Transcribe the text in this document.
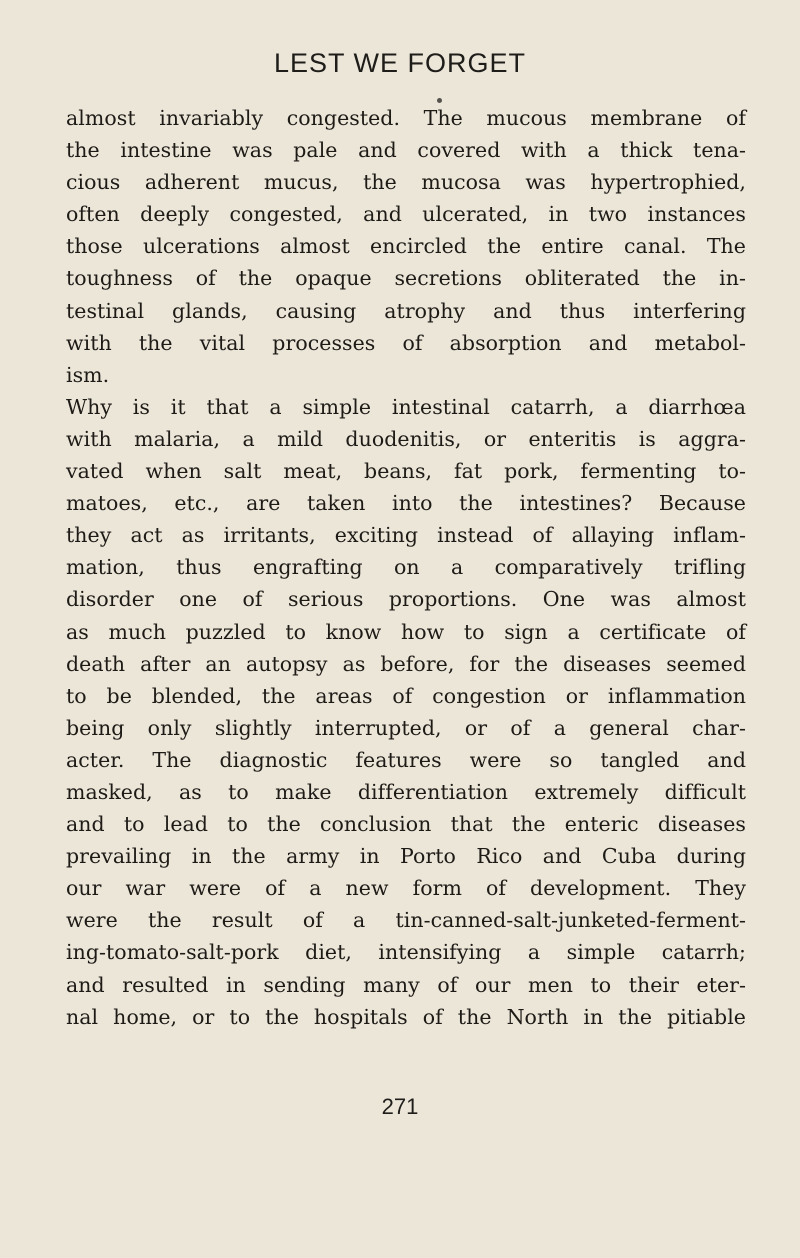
LEST WE FORGET
almost invariably congested. The mucous membrane of
the intestine was pale and covered with a thick tena-
cious adherent mucus, the mucosa was hypertrophied,
often deeply congested, and ulcerated, in two instances
those ulcerations almost encircled the entire canal. The
toughness of the opaque secretions obliterated the in-
testinal glands, causing atrophy and thus interfering
with the vital processes of absorption and metabol-
ism.
Why is it that a simple intestinal catarrh, a diarrhœa
with malaria, a mild duodenitis, or enteritis is aggra-
vated when salt meat, beans, fat pork, fermenting to-
matoes, etc., are taken into the intestines? Because
they act as irritants, exciting instead of allaying inflam-
mation, thus engrafting on a comparatively trifling
disorder one of serious proportions. One was almost
as much puzzled to know how to sign a certificate of
death after an autopsy as before, for the diseases seemed
to be blended, the areas of congestion or inflammation
being only slightly interrupted, or of a general char-
acter. The diagnostic features were so tangled and
masked, as to make differentiation extremely difficult
and to lead to the conclusion that the enteric diseases
prevailing in the army in Porto Rico and Cuba during
our war were of a new form of development. They
were the result of a tin-canned-salt-junketed-ferment-
ing-tomato-salt-pork diet, intensifying a simple catarrh;
and resulted in sending many of our men to their eter-
nal home, or to the hospitals of the North in the pitiable
271
